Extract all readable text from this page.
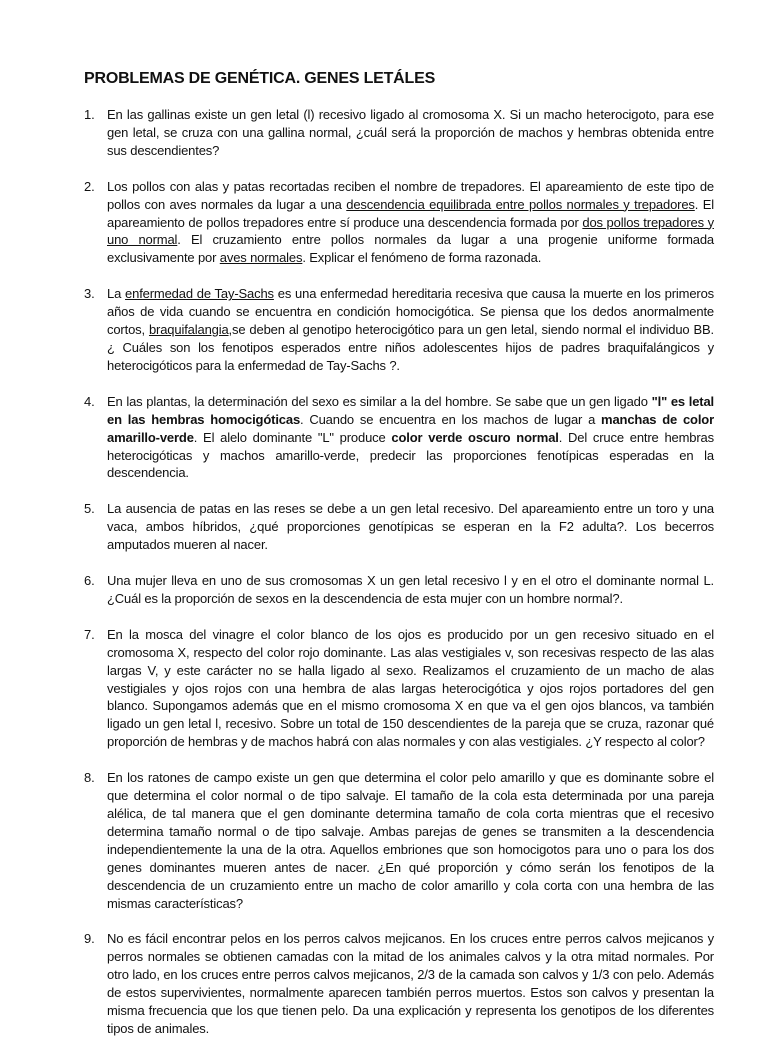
PROBLEMAS DE GENÉTICA. GENES LETÁLES
1. En las gallinas existe un gen letal (l) recesivo ligado al cromosoma X. Si un macho heterocigoto, para ese gen letal, se cruza con una gallina normal, ¿cuál será la proporción de machos y hembras obtenida entre sus descendientes?
2. Los pollos con alas y patas recortadas reciben el nombre de trepadores. El apareamiento de este tipo de pollos con aves normales da lugar a una descendencia equilibrada entre pollos normales y trepadores. El apareamiento de pollos trepadores entre sí produce una descendencia formada por dos pollos trepadores y uno normal. El cruzamiento entre pollos normales da lugar a una progenie uniforme formada exclusivamente por aves normales. Explicar el fenómeno de forma razonada.
3. La enfermedad de Tay-Sachs es una enfermedad hereditaria recesiva que causa la muerte en los primeros años de vida cuando se encuentra en condición homocigótica. Se piensa que los dedos anormalmente cortos, braquifalangia,se deben al genotipo heterocigótico para un gen letal, siendo normal el individuo BB. ¿ Cuáles son los fenotipos esperados entre niños adolescentes hijos de padres braquifalángicos y heterocigóticos para la enfermedad de Tay-Sachs ?.
4. En las plantas, la determinación del sexo es similar a la del hombre. Se sabe que un gen ligado "l" es letal en las hembras homocigóticas. Cuando se encuentra en los machos de lugar a manchas de color amarillo-verde. El alelo dominante "L" produce color verde oscuro normal. Del cruce entre hembras heterocigóticas y machos amarillo-verde, predecir las proporciones fenotípicas esperadas en la descendencia.
5. La ausencia de patas en las reses se debe a un gen letal recesivo. Del apareamiento entre un toro y una vaca, ambos híbridos, ¿qué proporciones genotípicas se esperan en la F2 adulta?. Los becerros amputados mueren al nacer.
6. Una mujer lleva en uno de sus cromosomas X un gen letal recesivo l y en el otro el dominante normal L. ¿Cuál es la proporción de sexos en la descendencia de esta mujer con un hombre normal?.
7. En la mosca del vinagre el color blanco de los ojos es producido por un gen recesivo situado en el cromosoma X, respecto del color rojo dominante. Las alas vestigiales v, son recesivas respecto de las alas largas V, y este carácter no se halla ligado al sexo. Realizamos el cruzamiento de un macho de alas vestigiales y ojos rojos con una hembra de alas largas heterocigótica y ojos rojos portadores del gen blanco. Supongamos además que en el mismo cromosoma X en que va el gen ojos blancos, va también ligado un gen letal l, recesivo. Sobre un total de 150 descendientes de la pareja que se cruza, razonar qué proporción de hembras y de machos habrá con alas normales y con alas vestigiales. ¿Y respecto al color?
8. En los ratones de campo existe un gen que determina el color pelo amarillo y que es dominante sobre el que determina el color normal o de tipo salvaje. El tamaño de la cola esta determinada por una pareja alélica, de tal manera que el gen dominante determina tamaño de cola corta mientras que el recesivo determina tamaño normal o de tipo salvaje. Ambas parejas de genes se transmiten a la descendencia independientemente la una de la otra. Aquellos embriones que son homocigotos para uno o para los dos genes dominantes mueren antes de nacer. ¿En qué proporción y cómo serán los fenotipos de la descendencia de un cruzamiento entre un macho de color amarillo y cola corta con una hembra de las mismas características?
9. No es fácil encontrar pelos en los perros calvos mejicanos. En los cruces entre perros calvos mejicanos y perros normales se obtienen camadas con la mitad de los animales calvos y la otra mitad normales. Por otro lado, en los cruces entre perros calvos mejicanos, 2/3 de la camada son calvos y 1/3 con pelo. Además de estos supervivientes, normalmente aparecen también perros muertos. Estos son calvos y presentan la misma frecuencia que los que tienen pelo. Da una explicación y representa los genotipos de los diferentes tipos de animales.
